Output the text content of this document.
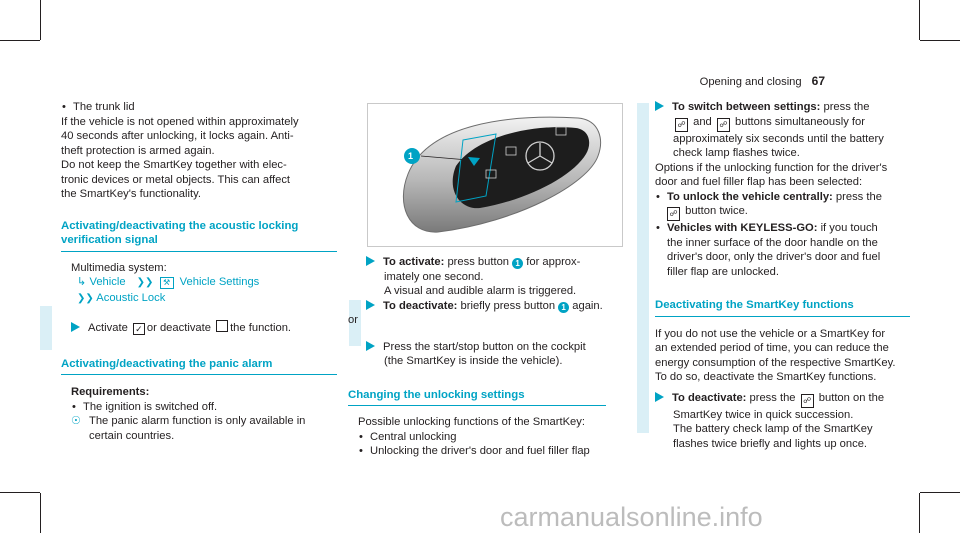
Opening and closing 67
• The trunk lid
If the vehicle is not opened within approximately
40 seconds after unlocking, it locks again. Anti-
theft protection is armed again.
Do not keep the SmartKey together with elec-
tronic devices or metal objects. This can affect
the SmartKey's functionality.
Activating/deactivating the acoustic locking
verification signal
Multimedia system:
↳ Vehicle ❯❯ ⚒ Vehicle Settings
❯❯ Acoustic Lock
Activate ✓ or deactivate the function.
Activating/deactivating the panic alarm
Requirements:
• The ignition is switched off.
☉ The panic alarm function is only available in
certain countries.
1
To activate: press button 1 for approx-
imately one second.
A visual and audible alarm is triggered.
To deactivate: briefly press button 1 again.
or
Press the start/stop button on the cockpit
(the SmartKey is inside the vehicle).
Changing the unlocking settings
Possible unlocking functions of the SmartKey:
• Central unlocking
• Unlocking the driver's door and fuel filler flap
To switch between settings: press the
☍ and ☍ buttons simultaneously for
approximately six seconds until the battery
check lamp flashes twice.
Options if the unlocking function for the driver's
door and fuel filler flap has been selected:
• To unlock the vehicle centrally: press the
☍ button twice.
• Vehicles with KEYLESS-GO: if you touch
the inner surface of the door handle on the
driver's door, only the driver's door and fuel
filler flap are unlocked.
Deactivating the SmartKey functions
If you do not use the vehicle or a SmartKey for
an extended period of time, you can reduce the
energy consumption of the respective SmartKey.
To do so, deactivate the SmartKey functions.
To deactivate: press the ☍ button on the
SmartKey twice in quick succession.
The battery check lamp of the SmartKey
flashes twice briefly and lights up once.
carmanualsonline.info
